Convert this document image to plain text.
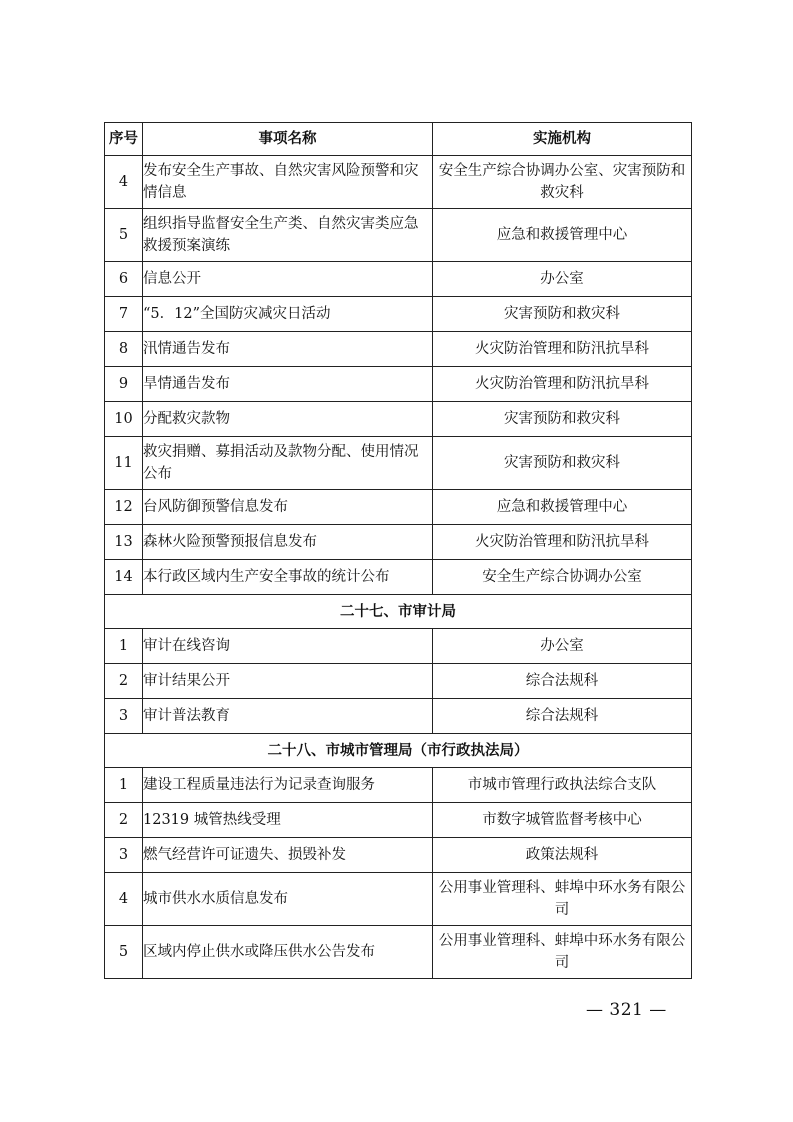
序号	事项名称	实施机构
4	发布安全生产事故、自然灾害风险预警和灾情信息	安全生产综合协调办公室、灾害预防和救灾科
5	组织指导监督安全生产类、自然灾害类应急救援预案演练	应急和救援管理中心
6	信息公开	办公室
7	“5．12”全国防灾减灾日活动	灾害预防和救灾科
8	汛情通告发布	火灾防治管理和防汛抗旱科
9	旱情通告发布	火灾防治管理和防汛抗旱科
10	分配救灾款物	灾害预防和救灾科
11	救灾捐赠、募捐活动及款物分配、使用情况公布	灾害预防和救灾科
12	台风防御预警信息发布	应急和救援管理中心
13	森林火险预警预报信息发布	火灾防治管理和防汛抗旱科
14	本行政区域内生产安全事故的统计公布	安全生产综合协调办公室
二十七、市审计局		
1	审计在线咨询	办公室
2	审计结果公开	综合法规科
3	审计普法教育	综合法规科
二十八、市城市管理局（市行政执法局）		
1	建设工程质量违法行为记录查询服务	市城市管理行政执法综合支队
2	12319 城管热线受理	市数字城管监督考核中心
3	燃气经营许可证遗失、损毁补发	政策法规科
4	城市供水水质信息发布	公用事业管理科、蚌埠中环水务有限公司
5	区域内停止供水或降压供水公告发布	公用事业管理科、蚌埠中环水务有限公司
— 321 —
